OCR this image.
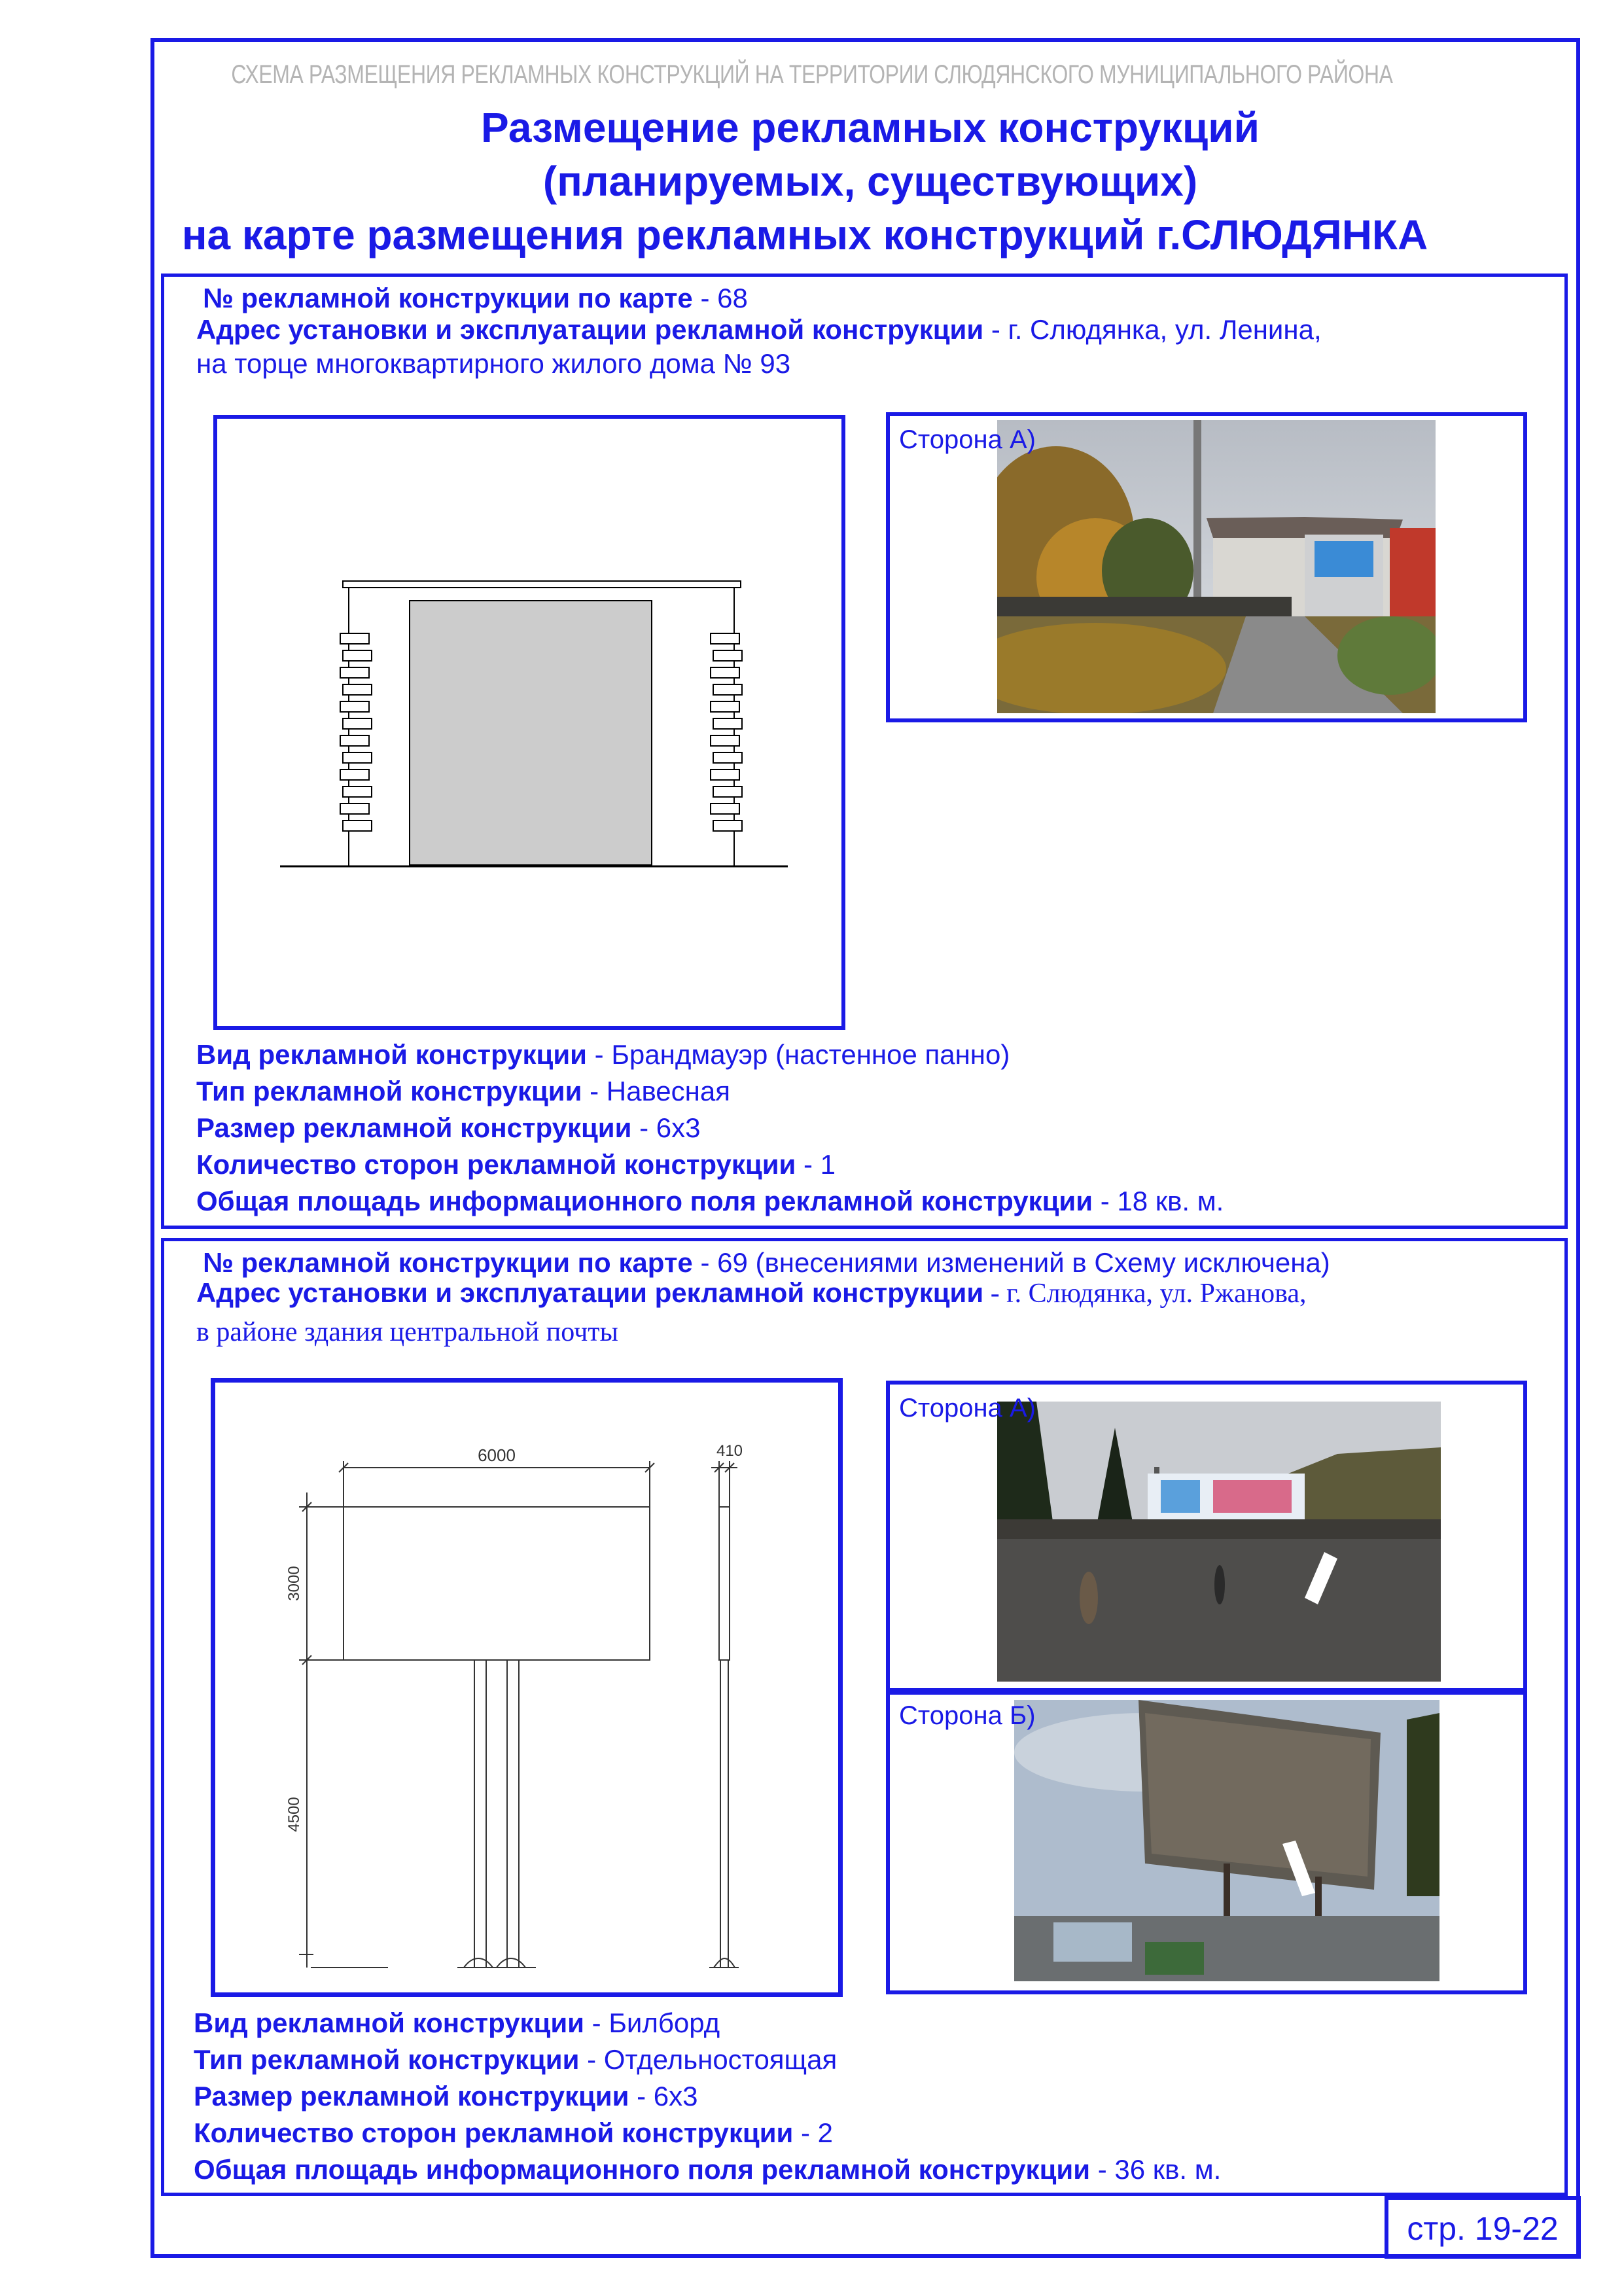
СХЕМА РАЗМЕЩЕНИЯ РЕКЛАМНЫХ КОНСТРУКЦИЙ НА ТЕРРИТОРИИ СЛЮДЯНСКОГО МУНИЦИПАЛЬНОГО РАЙОНА
Размещение рекламных конструкций
(планируемых, существующих)
на карте размещения рекламных конструкций г.СЛЮДЯНКА
№ рекламной конструкции по карте - 68
Адрес установки и эксплуатации рекламной конструкции - г. Слюдянка, ул. Ленина,
на торце многоквартирного жилого дома № 93
Сторона А)
Вид рекламной конструкции - Брандмауэр (настенное панно)
Тип рекламной конструкции - Навесная
Размер рекламной конструкции - 6х3
Количество сторон рекламной конструкции - 1
Общая площадь информационного поля рекламной конструкции - 18 кв. м.
№ рекламной конструкции по карте - 69 (внесениями изменений в Схему исключена)
Адрес установки и эксплуатации рекламной конструкции - г. Слюдянка, ул. Ржанова,
в районе здания центральной почты
6000	410
3000
4500
Сторона А)
Сторона Б)
Вид рекламной конструкции - Билборд
Тип рекламной конструкции - Отдельностоящая
Размер рекламной конструкции - 6х3
Количество сторон рекламной конструкции - 2
Общая площадь информационного поля рекламной конструкции - 36 кв. м.
стр. 19-22
